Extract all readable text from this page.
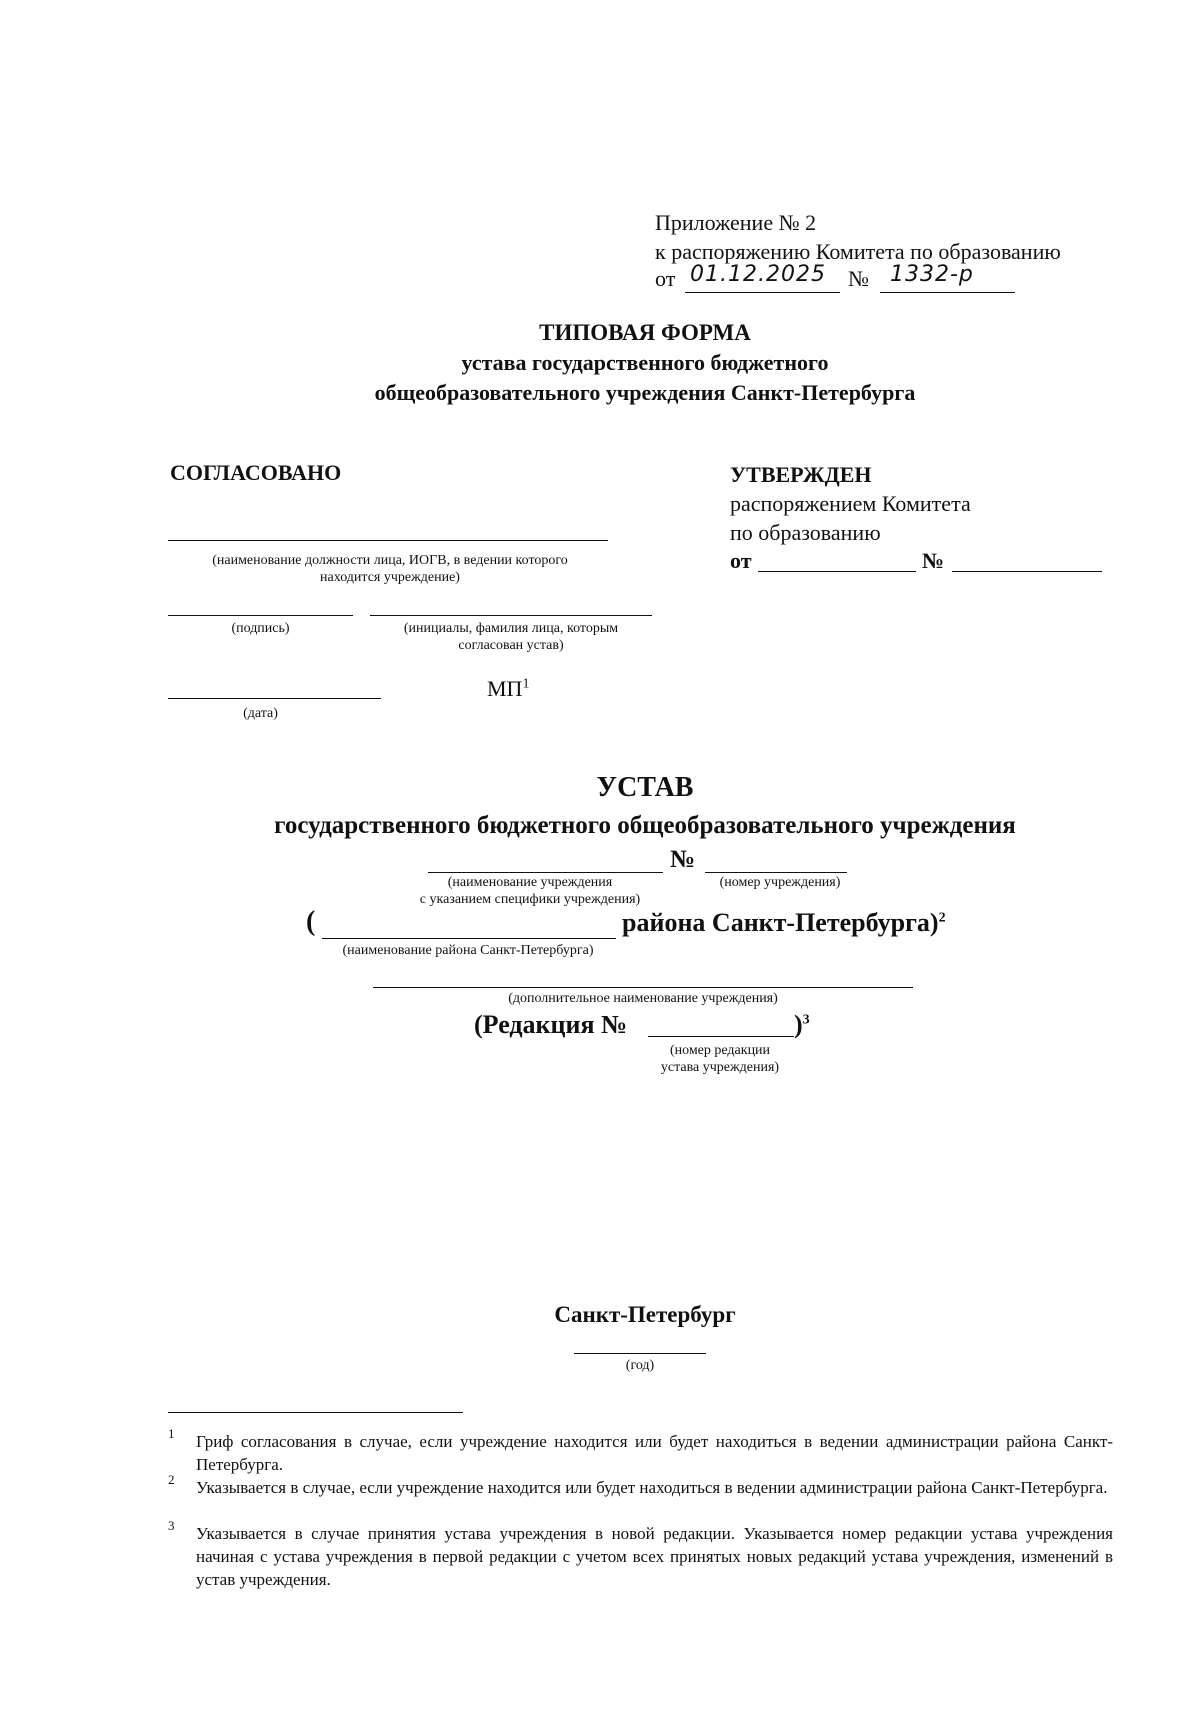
Приложение № 2
к распоряжению Комитета по образованию
от 01.12.2025 № 1332-р
ТИПОВАЯ ФОРМА
устава государственного бюджетного
общеобразовательного учреждения Санкт-Петербурга
СОГЛАСОВАНО
(наименование должности лица, ИОГВ, в ведении которого
находится учреждение)
(подпись)	(инициалы, фамилия лица, которым
согласован устав)
(дата)
$МП^1$
УТВЕРЖДЕН
распоряжением Комитета
по образованию
от	№
УСТАВ
государственного бюджетного общеобразовательного учреждения
№
(наименование учреждения
с указанием специфики учреждения)
(номер учреждения)
(	района Санкт-Петербурга)$^2$
(наименование района Санкт-Петербурга)
(дополнительное наименование учреждения)
(Редакция №	)$^3$
(номер редакции
устава учреждения)
Санкт-Петербург
(год)
1 Гриф согласования в случае, если учреждение находится или будет находиться в ведении администрации района Санкт-Петербурга.
2 Указывается в случае, если учреждение находится или будет находиться в ведении администрации района Санкт-Петербурга.
3 Указывается в случае принятия устава учреждения в новой редакции. Указывается номер редакции устава учреждения начиная с устава учреждения в первой редакции с учетом всех принятых новых редакций устава учреждения, изменений в устав учреждения.
